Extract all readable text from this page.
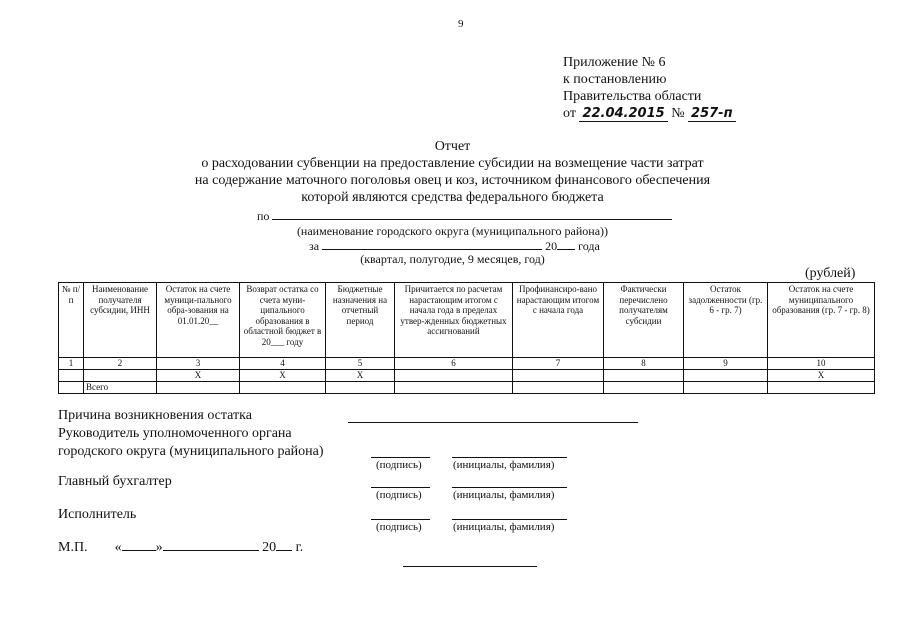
9
Приложение № 6
к постановлению
Правительства области
от 22.04.2015 № 257-п
Отчет
о расходовании субвенции на предоставление субсидии на возмещение части затрат
на содержание маточного поголовья овец и коз, источником финансового обеспечения
которой являются средства федерального бюджета
по
(наименование городского округа (муниципального района))
за	20 года
(квартал, полугодие, 9 месяцев, год)
(рублей)
№ п/п	Наименование получателя субсидии, ИНН	Остаток на счете муници-пального обра-зования на 01.01.20__	Возврат остатка со счета муни-ципального образования в областной бюджет в 20___ году	Бюджетные назначения на отчетный период	Причитается по расчетам нарастающим итогом с начала года в пределах утвер-жденных бюджетных ассигнований	Профинансиро-вано нарастающим итогом с начала года	Фактически перечислено получателям субсидии	Остаток задолженности (гр. 6 - гр. 7)	Остаток на счете муниципального образования (гр. 7 - гр. 8)
1	2	3	4	5	6	7	8	9	10
		X	X	X					X
	Всего								
Причина возникновения остатка
Руководитель уполномоченного органа
городского округа (муниципального района)
(подпись)	(инициалы, фамилия)
Главный бухгалтер
(подпись)	(инициалы, фамилия)
Исполнитель
(подпись)	(инициалы, фамилия)
М.П. « »	20 г.
